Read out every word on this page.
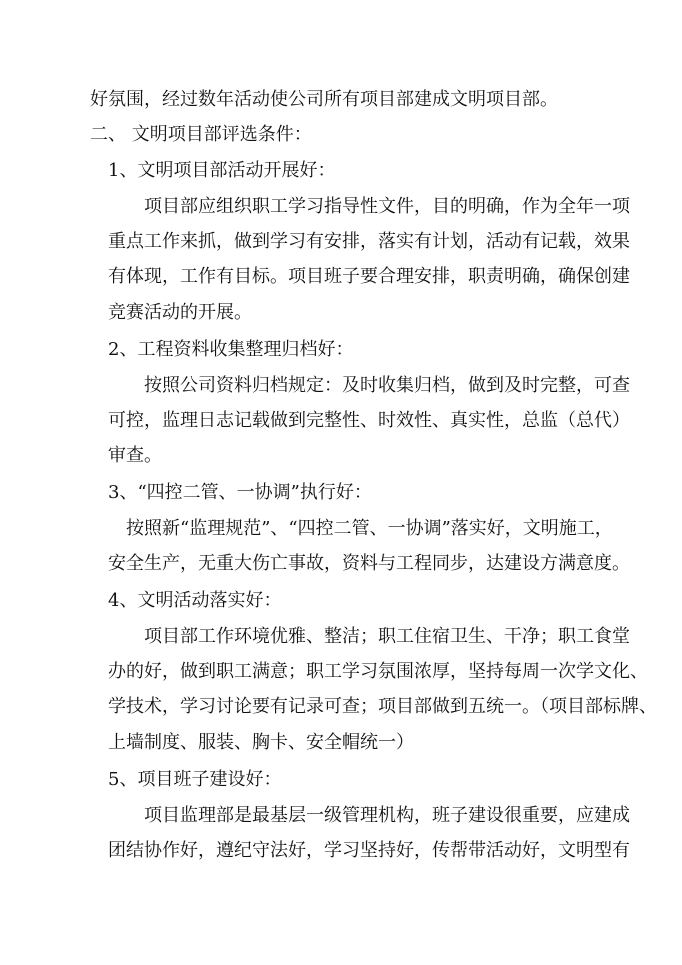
好氛围，经过数年活动使公司所有项目部建成文明项目部。

二、 文明项目部评选条件：

1、文明项目部活动开展好：

项目部应组织职工学习指导性文件，目的明确，作为全年一项

重点工作来抓，做到学习有安排，落实有计划，活动有记载，效果

有体现，工作有目标。项目班子要合理安排，职责明确，确保创建

竞赛活动的开展。

2、工程资料收集整理归档好：

按照公司资料归档规定：及时收集归档，做到及时完整，可查

可控，监理日志记载做到完整性、时效性、真实性，总监（总代）

审查。

3、“四控二管、一协调”执行好：

按照新“监理规范”、“四控二管、一协调”落实好，文明施工，

安全生产，无重大伤亡事故，资料与工程同步，达建设方满意度。

4、文明活动落实好：

项目部工作环境优雅、整洁；职工住宿卫生、干净；职工食堂

办的好，做到职工满意；职工学习氛围浓厚，坚持每周一次学文化、

学技术，学习讨论要有记录可查；项目部做到五统一。（项目部标牌、

上墙制度、服装、胸卡、安全帽统一）

5、项目班子建设好：

项目监理部是最基层一级管理机构，班子建设很重要，应建成

团结协作好，遵纪守法好，学习坚持好，传帮带活动好，文明型有
